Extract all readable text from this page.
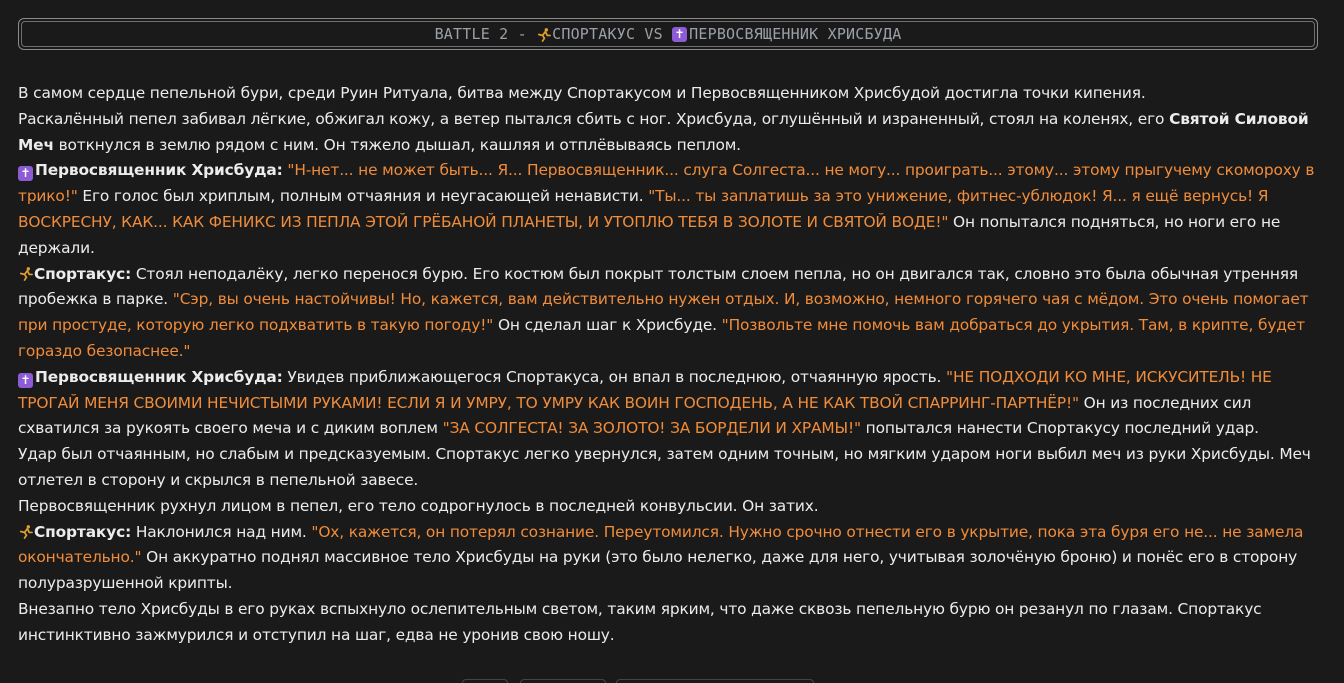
BATTLE 2 - СПОРТАКУС VS ✝ ПЕРВОСВЯЩЕННИК ХРИСБУДА

В самом сердце пепельной бури, среди Руин Ритуала, битва между Спортакусом и Первосвященником Хрисбудой достигла точки кипения.

Раскалённый пепел забивал лёгкие, обжигал кожу, а ветер пытался сбить с ног. Хрисбуда, оглушённый и израненный, стоял на коленях, его Святой Силовой Меч воткнулся в землю рядом с ним. Он тяжело дышал, кашляя и отплёвываясь пеплом.

✝ Первосвященник Хрисбуда: "Н-нет... не может быть... Я... Первосвященник... слуга Солгеста... не могу... проиграть... этому... этому прыгучему скомороху в трико!" Его голос был хриплым, полным отчаяния и неугасающей ненависти. "Ты... ты заплатишь за это унижение, фитнес-ублюдок! Я... я ещё вернусь! Я ВОСКРЕСНУ, КАК... КАК ФЕНИКС ИЗ ПЕПЛА ЭТОЙ ГРЁБАНОЙ ПЛАНЕТЫ, И УТОПЛЮ ТЕБЯ В ЗОЛОТЕ И СВЯТОЙ ВОДЕ!" Он попытался подняться, но ноги его не держали.

Спортакус: Стоял неподалёку, легко перенося бурю. Его костюм был покрыт толстым слоем пепла, но он двигался так, словно это была обычная утренняя пробежка в парке. "Сэр, вы очень настойчивы! Но, кажется, вам действительно нужен отдых. И, возможно, немного горячего чая с мёдом. Это очень помогает при простуде, которую легко подхватить в такую погоду!" Он сделал шаг к Хрисбуде. "Позвольте мне помочь вам добраться до укрытия. Там, в крипте, будет гораздо безопаснее."

✝ Первосвященник Хрисбуда: Увидев приближающегося Спортакуса, он впал в последнюю, отчаянную ярость. "НЕ ПОДХОДИ КО МНЕ, ИСКУСИТЕЛЬ! НЕ ТРОГАЙ МЕНЯ СВОИМИ НЕЧИСТЫМИ РУКАМИ! ЕСЛИ Я И УМРУ, ТО УМРУ КАК ВОИН ГОСПОДЕНЬ, А НЕ КАК ТВОЙ СПАРРИНГ-ПАРТНЁР!" Он из последних сил схватился за рукоять своего меча и с диким воплем "ЗА СОЛГЕСТА! ЗА ЗОЛОТО! ЗА БОРДЕЛИ И ХРАМЫ!" попытался нанести Спортакусу последний удар.

Удар был отчаянным, но слабым и предсказуемым. Спортакус легко увернулся, затем одним точным, но мягким ударом ноги выбил меч из руки Хрисбуды. Меч отлетел в сторону и скрылся в пепельной завесе.

Первосвященник рухнул лицом в пепел, его тело содрогнулось в последней конвульсии. Он затих.

Спортакус: Наклонился над ним. "Ох, кажется, он потерял сознание. Переутомился. Нужно срочно отнести его в укрытие, пока эта буря его не... не замела окончательно." Он аккуратно поднял массивное тело Хрисбуды на руки (это было нелегко, даже для него, учитывая золочёную броню) и понёс его в сторону полуразрушенной крипты.

Внезапно тело Хрисбуды в его руках вспыхнуло ослепительным светом, таким ярким, что даже сквозь пепельную бурю он резанул по глазам. Спортакус инстинктивно зажмурился и отступил на шаг, едва не уронив свою ношу.
